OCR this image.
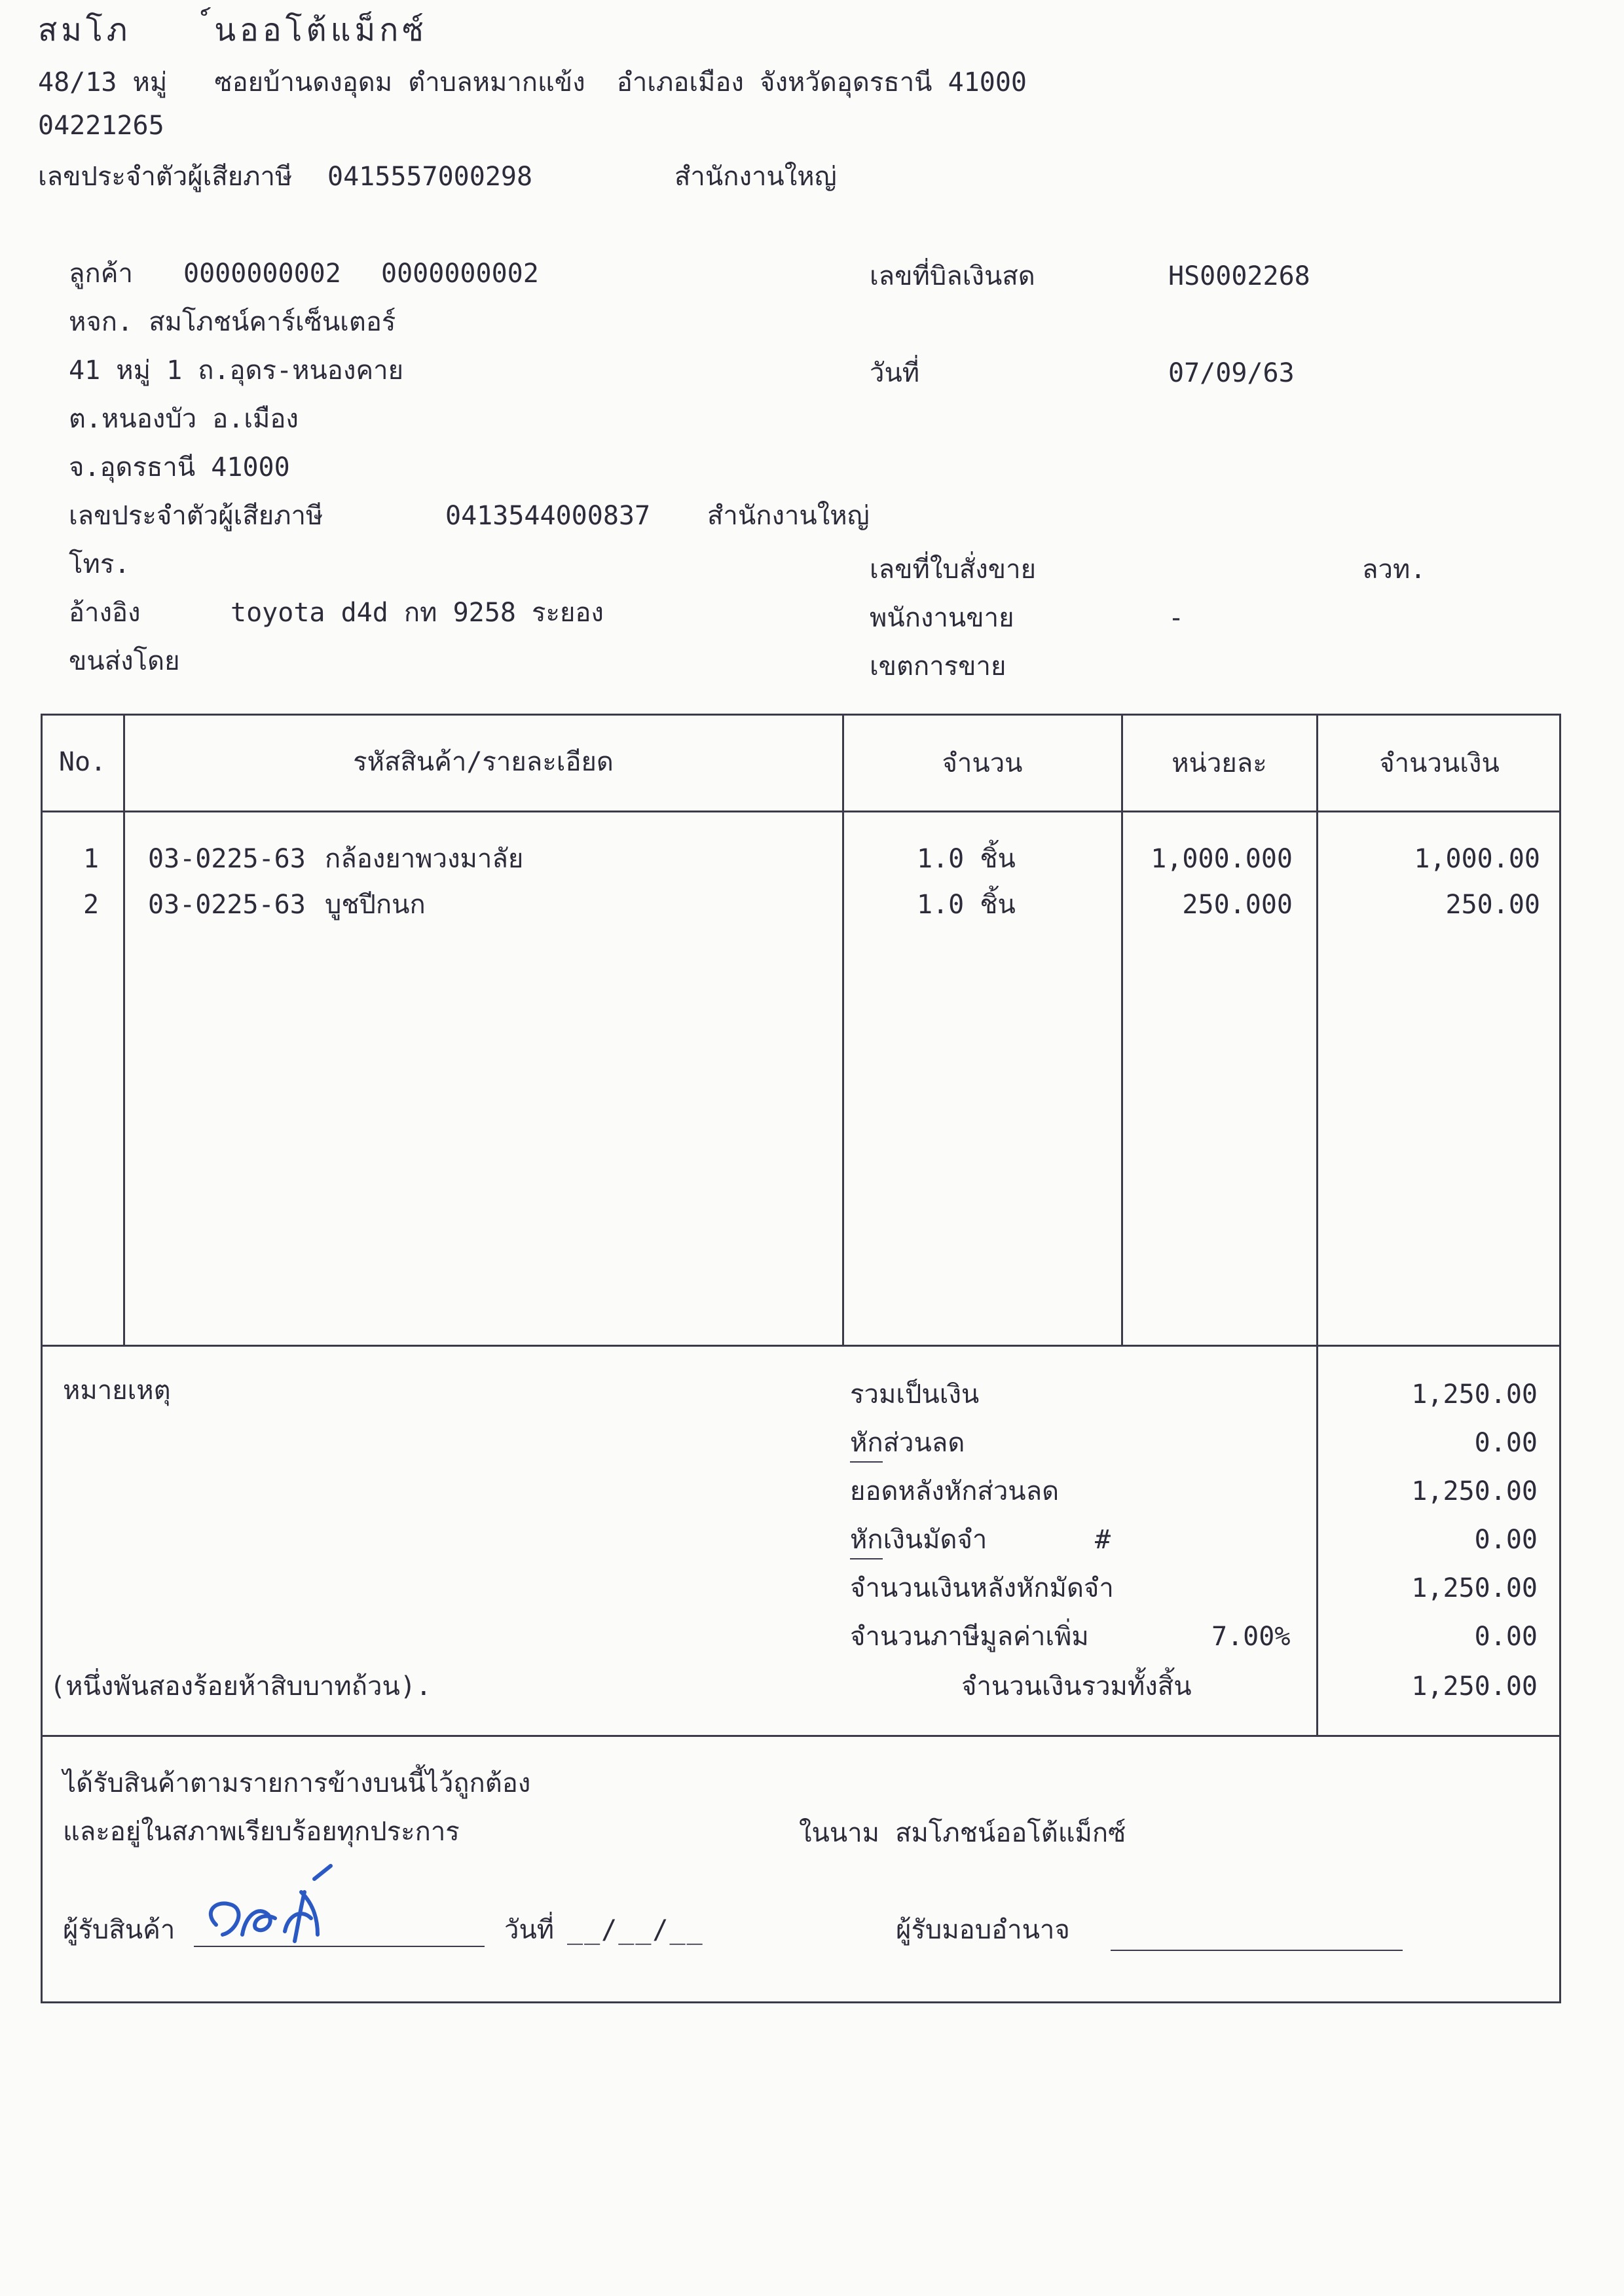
สมโภ    ์นออโต้แม็กซ์
48/13 หมู่   ซอยบ้านดงอุดม ตำบลหมากแข้ง  อำเภอเมือง จังหวัดอุดรธานี 41000
04221265
เลขประจำตัวผู้เสียภาษี 0415557000298	สำนักงานใหญ่
ลูกค้า 0000000002 0000000002
หจก. สมโภชน์คาร์เซ็นเตอร์
41 หมู่ 1 ถ.อุดร-หนองคาย
ต.หนองบัว อ.เมือง
จ.อุดรธานี 41000
เลขประจำตัวผู้เสียภาษี	0413544000837 สำนักงานใหญ่
โทร.
อ้างอิง	toyota d4d กท 9258 ระยอง
ขนส่งโดย
เลขที่บิลเงินสด	HS0002268
วันที่	07/09/63
เลขที่ใบสั่งขาย	ลวท.
พนักงานขาย	-
เขตการขาย
No.	รหัสสินค้า/รายละเอียด	จำนวน	หน่วยละ	จำนวนเงิน
1	03-0225-63 กล้องยาพวงมาลัย	1.0 ชิ้น	1,000.000	1,000.00
2	03-0225-63 บูชปีกนก	1.0 ชิ้น	250.000	250.00
หมายเหตุ	รวมเป็นเงิน	1,250.00
หักส่วนลด	0.00
ยอดหลังหักส่วนลด	1,250.00
หักเงินมัดจำ	#	0.00
จำนวนเงินหลังหักมัดจำ	1,250.00
จำนวนภาษีมูลค่าเพิ่ม	7.00%	0.00
(หนึ่งพันสองร้อยห้าสิบบาทถ้วน).	จำนวนเงินรวมทั้งสิ้น	1,250.00
ได้รับสินค้าตามรายการข้างบนนี้ไว้ถูกต้อง
และอยู่ในสภาพเรียบร้อยทุกประการ	ในนาม สมโภชน์ออโต้แม็กซ์
ผู้รับสินค้า	วันที่ __/__/__	ผู้รับมอบอำนาจ
